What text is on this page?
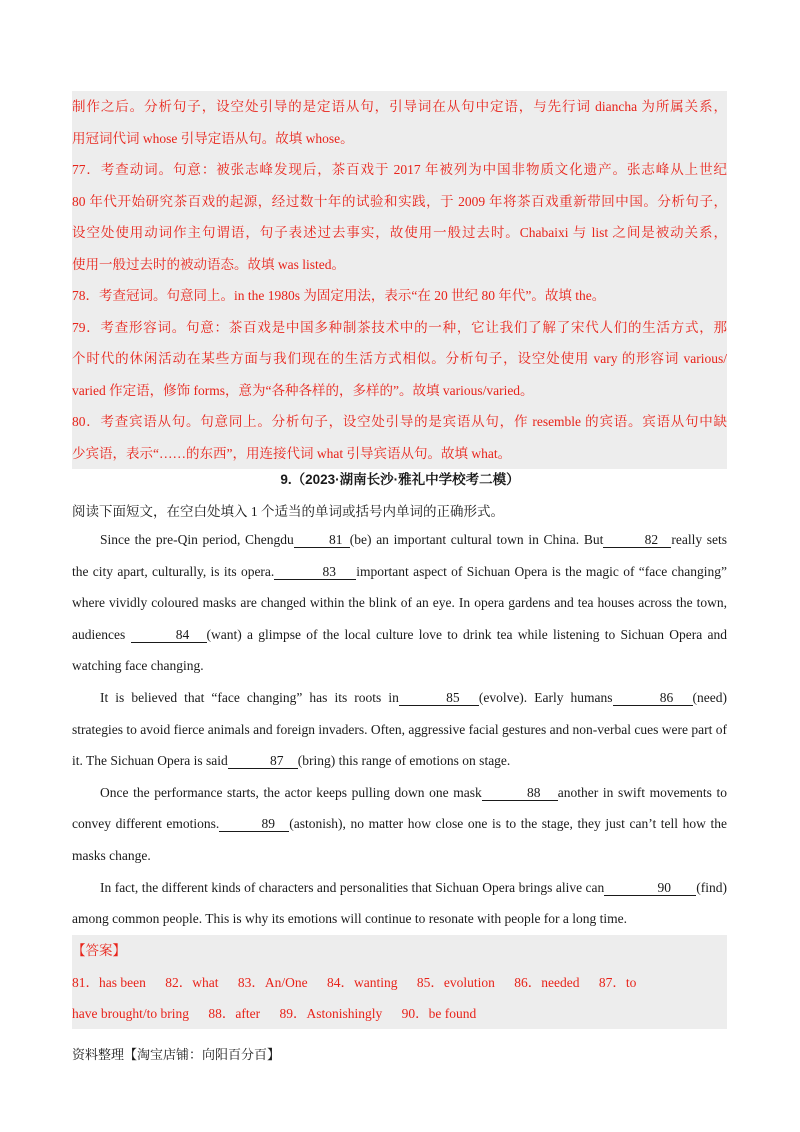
制作之后。分析句子，设空处引导的是定语从句，引导词在从句中定语，与先行词 diancha 为所属关系，

用冠词代词 whose 引导定语从句。故填 whose。

77．考查动词。句意：被张志峰发现后，茶百戏于 2017 年被列为中国非物质文化遗产。张志峰从上世纪

80 年代开始研究茶百戏的起源，经过数十年的试验和实践，于 2009 年将茶百戏重新带回中国。分析句子，

设空处使用动词作主句谓语，句子表述过去事实，故使用一般过去时。Chabaixi 与 list 之间是被动关系，

使用一般过去时的被动语态。故填 was listed。

78．考查冠词。句意同上。in the 1980s 为固定用法，表示“在 20 世纪 80 年代”。故填 the。

79．考查形容词。句意：茶百戏是中国多种制茶技术中的一种，它让我们了解了宋代人们的生活方式，那

个时代的休闲活动在某些方面与我们现在的生活方式相似。分析句子，设空处使用 vary 的形容词 various/

varied 作定语，修饰 forms，意为“各种各样的，多样的”。故填 various/varied。

80．考查宾语从句。句意同上。分析句子，设空处引导的是宾语从句，作 resemble 的宾语。宾语从句中缺

少宾语，表示“……的东西”，用连接代词 what 引导宾语从句。故填 what。

9.（2023·湖南长沙·雅礼中学校考二模）
阅读下面短文，在空白处填入 1 个适当的单词或括号内单词的正确形式。

Since the pre-Qin period, Chengdu	81 (be) an important cultural town in China. But	82 really sets the city apart, culturally, is its opera.	83 important aspect of Sichuan Opera is the magic of “face changing” where vividly coloured masks are changed within the blink of an eye. In opera gardens and tea houses across the town, audiences	84 (want) a glimpse of the local culture love to drink tea while listening to Sichuan Opera and watching face changing.

It is believed that “face changing” has its roots in	85 (evolve). Early humans	86 (need) strategies to avoid fierce animals and foreign invaders. Often, aggressive facial gestures and non-verbal cues were part of it. The Sichuan Opera is said	87 (bring) this range of emotions on stage.

Once the performance starts, the actor keeps pulling down one mask	88 another in swift movements to convey different emotions.	89 (astonish), no matter how close one is to the stage, they just can’t tell how the masks change.

In fact, the different kinds of characters and personalities that Sichuan Opera brings alive can	90 (find) among common people. This is why its emotions will continue to resonate with people for a long time.

【答案】
81．has been 82．what 83．An/One 84．wanting 85．evolution 86．needed 87．to
have brought/to bring 88．after 89．Astonishingly 90．be found
资料整理【淘宝店铺：向阳百分百】
